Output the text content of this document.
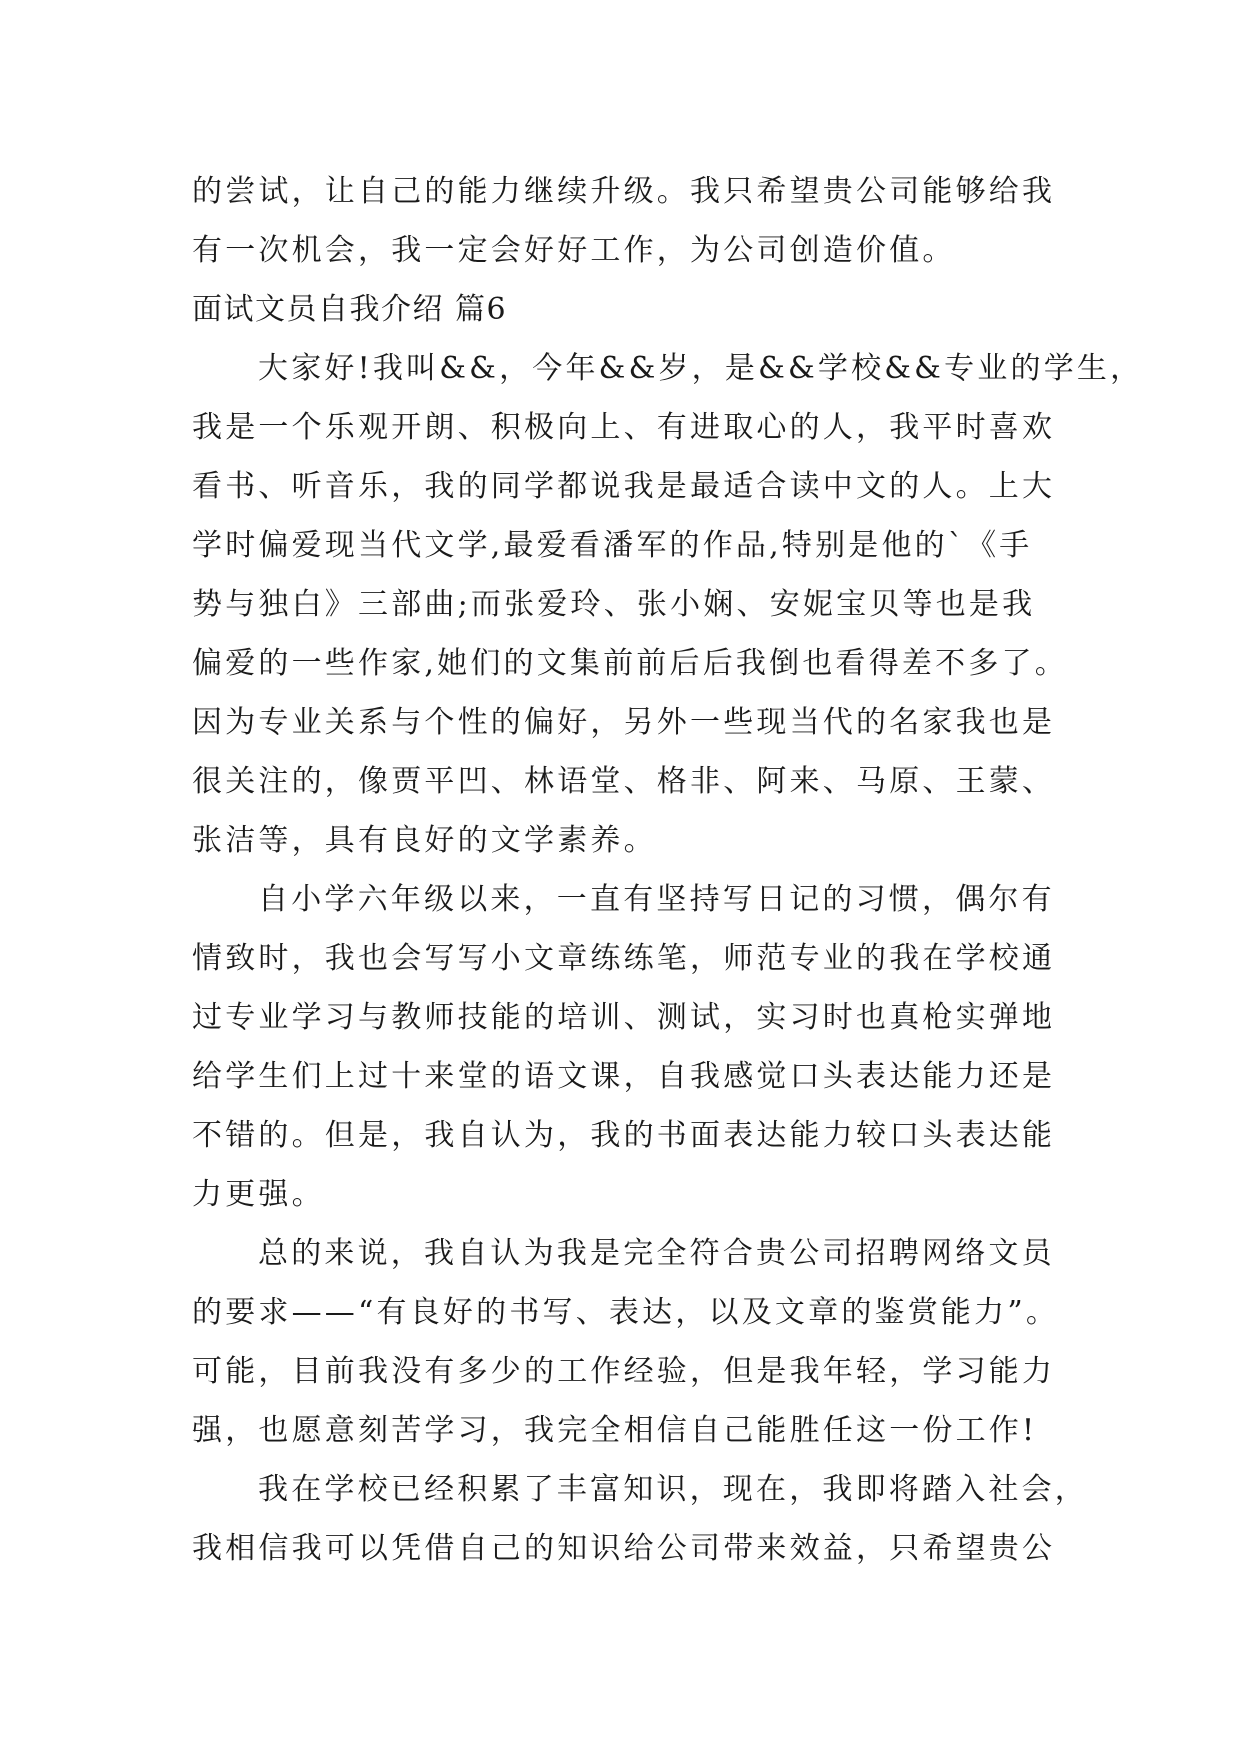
的尝试，让自己的能力继续升级。我只希望贵公司能够给我
有一次机会，我一定会好好工作，为公司创造价值。
面试文员自我介绍 篇6
大家好!我叫&&，今年&&岁，是&&学校&&专业的学生，
我是一个乐观开朗、积极向上、有进取心的人，我平时喜欢
看书、听音乐，我的同学都说我是最适合读中文的人。上大
学时偏爱现当代文学,最爱看潘军的作品,特别是他的`《手
势与独白》三部曲;而张爱玲、张小娴、安妮宝贝等也是我
偏爱的一些作家,她们的文集前前后后我倒也看得差不多了。
因为专业关系与个性的偏好，另外一些现当代的名家我也是
很关注的，像贾平凹、林语堂、格非、阿来、马原、王蒙、
张洁等，具有良好的文学素养。
自小学六年级以来，一直有坚持写日记的习惯，偶尔有
情致时，我也会写写小文章练练笔，师范专业的我在学校通
过专业学习与教师技能的培训、测试，实习时也真枪实弹地
给学生们上过十来堂的语文课，自我感觉口头表达能力还是
不错的。但是，我自认为，我的书面表达能力较口头表达能
力更强。
总的来说，我自认为我是完全符合贵公司招聘网络文员
的要求——“有良好的书写、表达，以及文章的鉴赏能力”。
可能，目前我没有多少的工作经验，但是我年轻，学习能力
强，也愿意刻苦学习，我完全相信自己能胜任这一份工作!
我在学校已经积累了丰富知识，现在，我即将踏入社会，
我相信我可以凭借自己的知识给公司带来效益，只希望贵公
